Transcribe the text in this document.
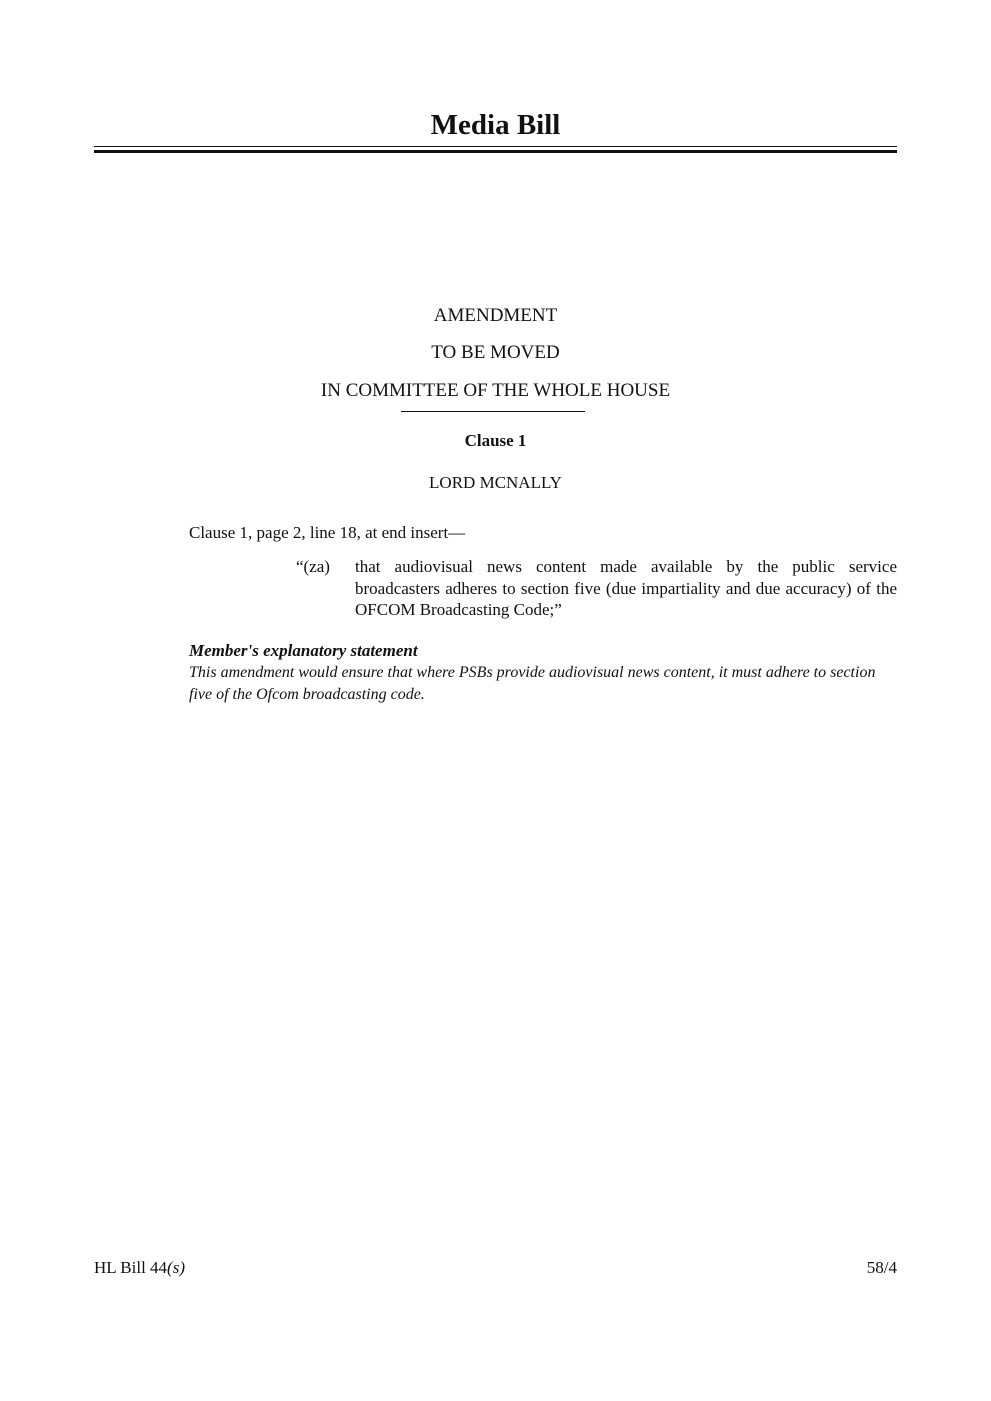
Media Bill
AMENDMENT
TO BE MOVED
IN COMMITTEE OF THE WHOLE HOUSE
Clause 1
LORD MCNALLY
Clause 1, page 2, line 18, at end insert—
“(za)	that audiovisual news content made available by the public service broadcasters adheres to section five (due impartiality and due accuracy) of the OFCOM Broadcasting Code;”
Member's explanatory statement
This amendment would ensure that where PSBs provide audiovisual news content, it must adhere to section five of the Ofcom broadcasting code.
HL Bill 44(s)	58/4
